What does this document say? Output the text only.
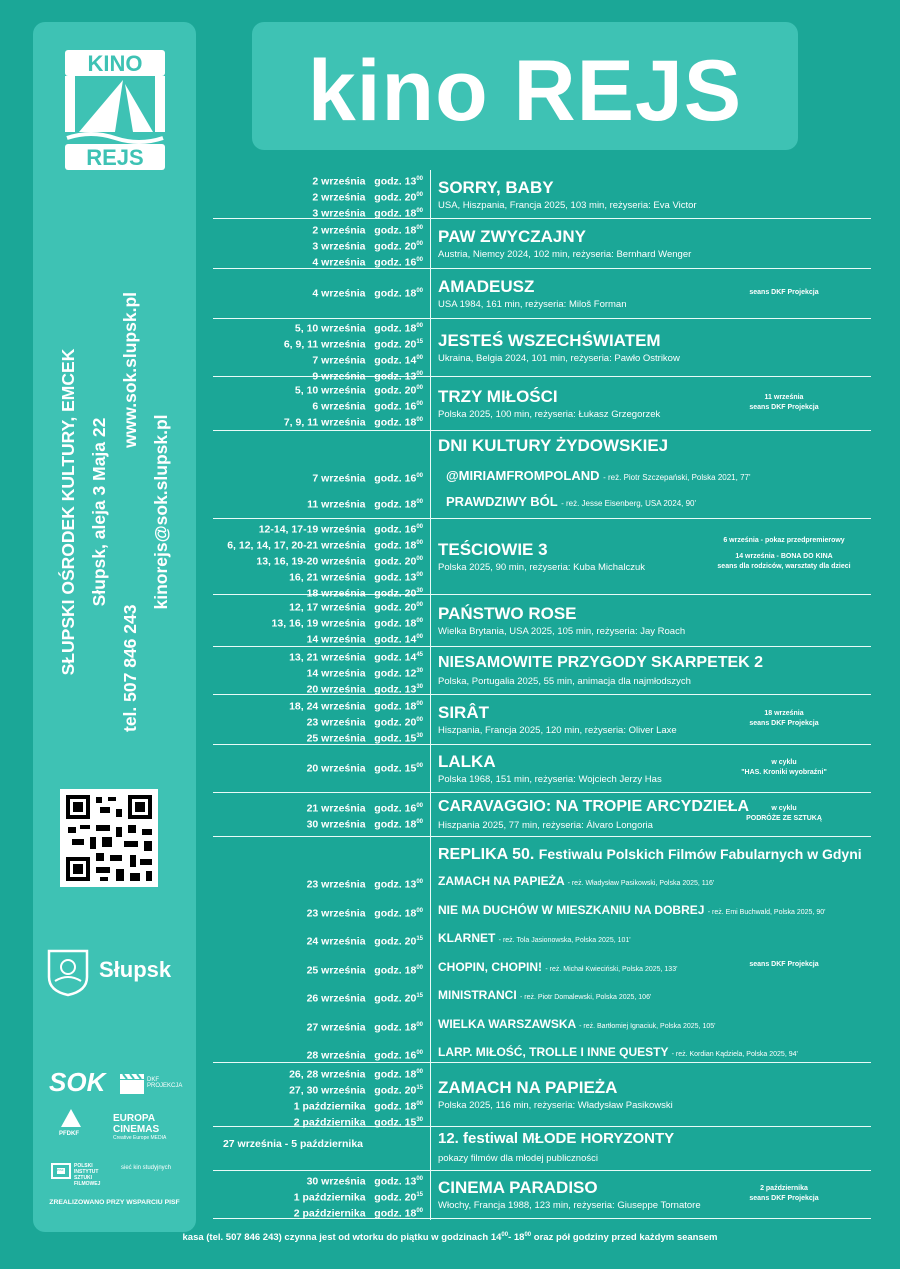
KINO
REJS
SŁUPSKI OŚRODEK KULTURY, EMCEK Słupsk, aleja 3 Maja 22
tel. 507 846 243
www.sok.slupsk.pl
kinorejs@sok.slupsk.pl
Słupsk
SOK	DKF PROJEKCJA
PFDKF
EUROPA CINEMAS
Creative Europe MEDIA
PISF
POLSKI INSTYTUT SZTUKI FILMOWEJ
sieć kin studyjnych
ZREALIZOWANO PRZY WSPARCIU PISF
kino REJS
2 września godz. $13^{00}$
2 września godz. $20^{00}$
3 września godz. $18^{00}$
SORRY, BABY
USA, Hiszpania, Francja 2025, 103 min, reżyseria: Eva Victor
2 września godz. $18^{00}$
3 września godz. $20^{00}$
4 września godz. $16^{00}$
PAW ZWYCZAJNY
Austria, Niemcy 2024, 102 min, reżyseria: Bernhard Wenger
4 września godz. $18^{00}$ AMADEUSZ
USA 1984, 161 min, reżyseria: Miloš Forman
seans DKF Projekcja
5, 10 września godz. $18^{00}$
6, 9, 11 września godz. $20^{15}$
7 września godz. $14^{00}$
9 września godz. $13^{00}$
JESTEŚ WSZECHŚWIATEM
Ukraina, Belgia 2024, 101 min, reżyseria: Pawło Ostrikow
5, 10 września godz. $20^{00}$
6 września godz. $16^{00}$
7, 9, 11 września godz. $18^{00}$
TRZY MIŁOŚCI
Polska 2025, 100 min, reżyseria: Łukasz Grzegorzek
11 września
seans DKF Projekcja
DNI KULTURY ŻYDOWSKIEJ
7 września godz. $16^{00}$ @MIRIAMFROMPOLAND - reż. Piotr Szczepański, Polska 2021, 77'
11 września godz. $18^{00}$ PRAWDZIWY BÓL - reż. Jesse Eisenberg, USA 2024, 90'
12-14, 17-19 września godz. $16^{00}$
6, 12, 14, 17, 20-21 września godz. $18^{00}$
13, 16, 19-20 września godz. $20^{00}$
16, 21 września godz. $13^{00}$
18 września godz. $20^{30}$
TEŚCIOWIE 3
Polska 2025, 90 min, reżyseria: Kuba Michalczuk
6 września - pokaz przedpremierowy
14 września - BONA DO KINA
seans dla rodziców, warsztaty dla dzieci
12, 17 września godz. $20^{00}$
13, 16, 19 września godz. $18^{00}$
14 września godz. $14^{00}$
PAŃSTWO ROSE
Wielka Brytania, USA 2025, 105 min, reżyseria: Jay Roach
13, 21 września godz. $14^{45}$
14 września godz. $12^{30}$
20 września godz. $13^{30}$
NIESAMOWITE PRZYGODY SKARPETEK 2
Polska, Portugalia 2025, 55 min, animacja dla najmłodszych
18, 24 września godz. $18^{00}$
23 września godz. $20^{00}$
25 września godz. $15^{30}$
SIRÂT
Hiszpania, Francja 2025, 120 min, reżyseria: Oliver Laxe
18 września
seans DKF Projekcja
20 września godz. $15^{00}$ LALKA
Polska 1968, 151 min, reżyseria: Wojciech Jerzy Has
w cyklu
"HAS. Kroniki wyobraźni"
21 września godz. $16^{00}$
30 września godz. $18^{00}$
CARAVAGGIO: NA TROPIE ARCYDZIEŁA
Hiszpania 2025, 77 min, reżyseria: Álvaro Longoria
w cyklu
PODRÓŻE ZE SZTUKĄ
REPLIKA 50. Festiwalu Polskich Filmów Fabularnych w Gdyni
23 września godz. $13^{00}$ ZAMACH NA PAPIEŻA - reż. Władysław Pasikowski, Polska 2025, 116'
23 września godz. $18^{00}$ NIE MA DUCHÓW W MIESZKANIU NA DOBREJ - reż. Emi Buchwald, Polska 2025, 90'
24 września godz. $20^{15}$ KLARNET - reż. Tola Jasionowska, Polska 2025, 101'
25 września godz. $18^{00}$ CHOPIN, CHOPIN! - reż. Michał Kwieciński, Polska 2025, 133'
26 września godz. $20^{15}$ MINISTRANCI - reż. Piotr Domalewski, Polska 2025, 106'
27 września godz. $18^{00}$ WIELKA WARSZAWSKA - reż. Bartłomiej Ignaciuk, Polska 2025, 105'
28 września godz. $16^{00}$ LARP. MIŁOŚĆ, TROLLE I INNE QUESTY - reż. Kordian Kądziela, Polska 2025, 94'
seans DKF Projekcja
26, 28 września godz. $18^{00}$
27, 30 września godz. $20^{15}$
1 października godz. $18^{00}$
2 października godz. $15^{30}$
ZAMACH NA PAPIEŻA
Polska 2025, 116 min, reżyseria: Władysław Pasikowski
27 września - 5 października	12. festiwal MŁODE HORYZONTY
pokazy filmów dla młodej publiczności
30 września godz. $13^{00}$
1 października godz. $20^{15}$
2 października godz. $18^{00}$
CINEMA PARADISO
Włochy, Francja 1988, 123 min, reżyseria: Giuseppe Tornatore
2 października
seans DKF Projekcja
kasa (tel. 507 846 243) czynna jest od wtorku do piątku w godzinach $14^{00}-$ $18^{00}$ oraz pół godziny przed każdym seansem
